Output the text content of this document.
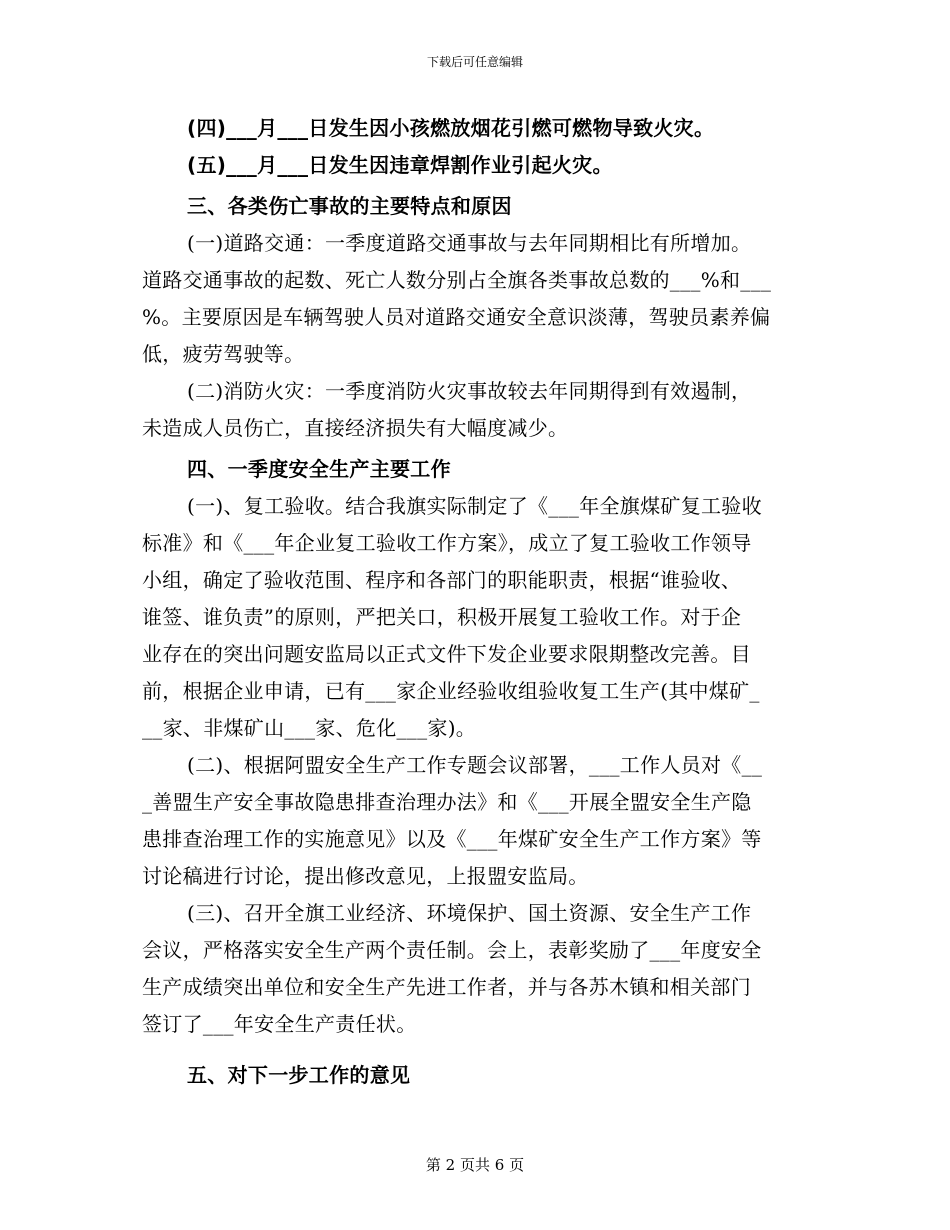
下载后可任意编辑
(四)___月___日发生因小孩燃放烟花引燃可燃物导致火灾。
(五)___月___日发生因违章焊割作业引起火灾。
三、各类伤亡事故的主要特点和原因
(一)道路交通：一季度道路交通事故与去年同期相比有所增加。
道路交通事故的起数、死亡人数分别占全旗各类事故总数的___%和___
%。主要原因是车辆驾驶人员对道路交通安全意识淡薄，驾驶员素养偏
低，疲劳驾驶等。
(二)消防火灾：一季度消防火灾事故较去年同期得到有效遏制，
未造成人员伤亡，直接经济损失有大幅度减少。
四、一季度安全生产主要工作
(一)、复工验收。结合我旗实际制定了《___年全旗煤矿复工验收
标准》和《___年企业复工验收工作方案》，成立了复工验收工作领导
小组，确定了验收范围、程序和各部门的职能职责，根据“谁验收、
谁签、谁负责”的原则，严把关口，积极开展复工验收工作。对于企
业存在的突出问题安监局以正式文件下发企业要求限期整改完善。目
前，根据企业申请，已有___家企业经验收组验收复工生产(其中煤矿_
__家、非煤矿山___家、危化___家)。
(二)、根据阿盟安全生产工作专题会议部署，___工作人员对《__
_善盟生产安全事故隐患排查治理办法》和《___开展全盟安全生产隐
患排查治理工作的实施意见》以及《___年煤矿安全生产工作方案》等
讨论稿进行讨论，提出修改意见，上报盟安监局。
(三)、召开全旗工业经济、环境保护、国土资源、安全生产工作
会议，严格落实安全生产两个责任制。会上，表彰奖励了___年度安全
生产成绩突出单位和安全生产先进工作者，并与各苏木镇和相关部门
签订了___年安全生产责任状。
五、对下一步工作的意见
第 2 页共 6 页
